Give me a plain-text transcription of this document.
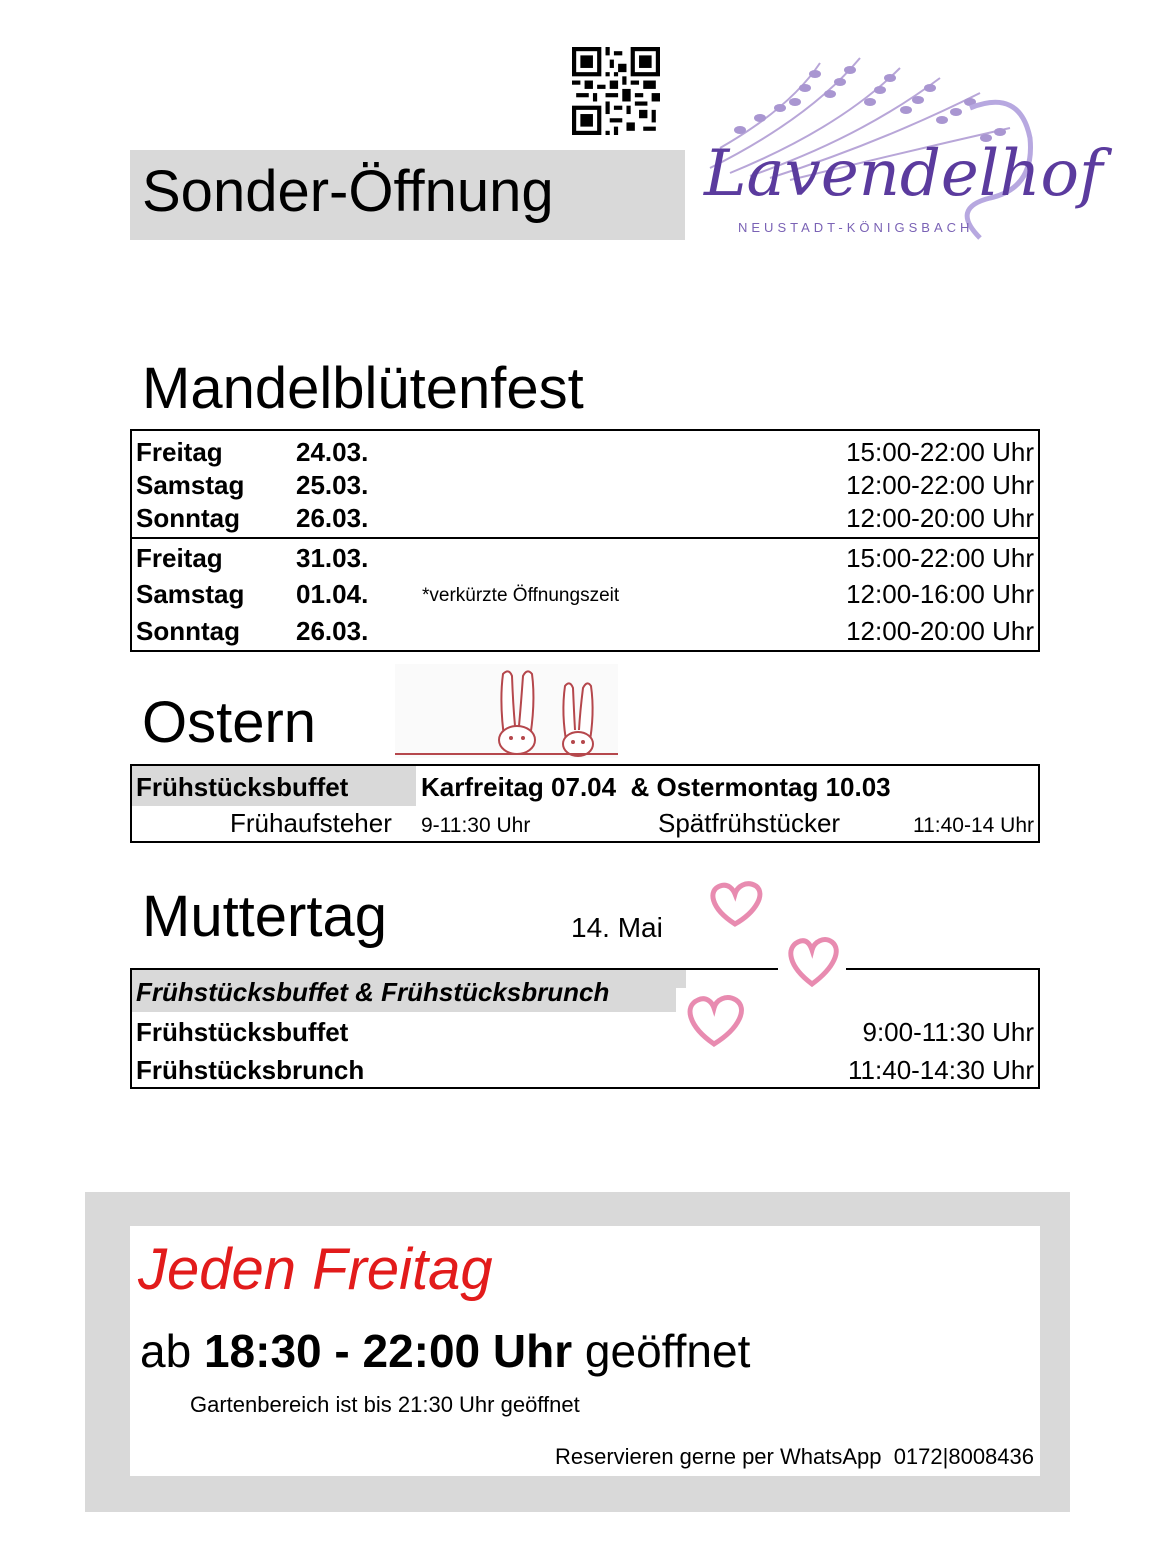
Sonder-Öffnung Lavendelhof
NEUSTADT-KÖNIGSBACH
Mandelblütenfest
Freitag	24.03.	15:00-22:00 Uhr
Samstag 25.03.	12:00-22:00 Uhr
Sonntag 26.03.	12:00-20:00 Uhr
Freitag	31.03.	15:00-22:00 Uhr
Samstag 01.04.	*verkürzte Öffnungszeit	12:00-16:00 Uhr
Sonntag 26.03.	12:00-20:00 Uhr
Ostern
Frühstücksbuffet	Karfreitag 07.04  & Ostermontag 10.03
Frühaufsteher 9-11:30 Uhr	Spätfrühstücker	11:40-14 Uhr
Muttertag	14. Mai
Frühstücksbuffet & Frühstücksbrunch
Frühstücksbuffet	9:00-11:30 Uhr
Frühstücksbrunch	11:40-14:30 Uhr
Jeden Freitag
ab 18:30 - 22:00 Uhr geöffnet
Gartenbereich ist bis 21:30 Uhr geöffnet
Reservieren gerne per WhatsApp  0172|8008436
